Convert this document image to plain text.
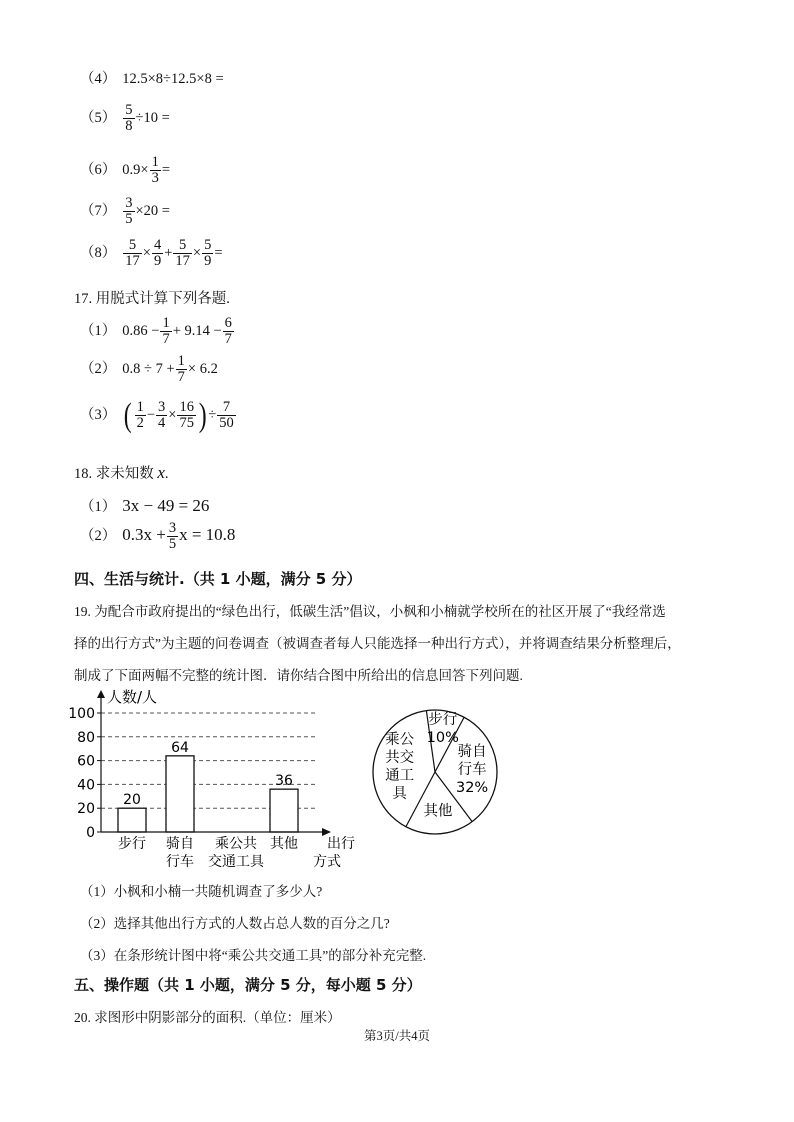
（4） 12.5×8÷12.5×8 =
$(5) \frac{5}{8} \div 10$ =
（6） $0.9\times \frac{1}{3}$ =
$(7) \frac{3}{5} \times 20$ =
$(8) \frac{5}{17} \times \frac{4}{9} + \frac{5}{17} \times \frac{5}{9}$ =
17. 用脱式计算下列各题.
（1） $0.86 - \frac{1}{7} + 9.14 - \frac{6}{7}$
（2） $0.8 \div 7 + \frac{1}{7} \times 6.2$
（3） ( $\frac{1}{2} - \frac{3}{4} \times \frac{16}{75}$ ) ÷ $\frac{7}{50}$
18. 求未知数 x.
（1） 3x − 49 = 26
（2） $0.3x + \frac{3}{5}$ x = 10.8
四、生活与统计.（共 1 小题，满分 5 分）
19. 为配合市政府提出的“绿色出行，低碳生活”倡议，小枫和小楠就学校所在的社区开展了“我经常选
择的出行方式”为主题的问卷调查（被调查者每人只能选择一种出行方式），并将调查结果分析整理后，
制成了下面两幅不完整的统计图．请你结合图中所给出的信息回答下列问题.
0
20
40
60
80
100
人数/人
出行
方式
20
步行
64
骑自
行车
乘公共
交通工具
36
其他
步行
10%
骑自
行车
32%
其他
乘公
共交
通工
具
（1）小枫和小楠一共随机调查了多少人?
（2）选择其他出行方式的人数占总人数的百分之几?
（3）在条形统计图中将“乘公共交通工具”的部分补充完整.
五、操作题（共 1 小题，满分 5 分，每小题 5 分）
20. 求图形中阴影部分的面积.（单位：厘米）
第3页/共4页
